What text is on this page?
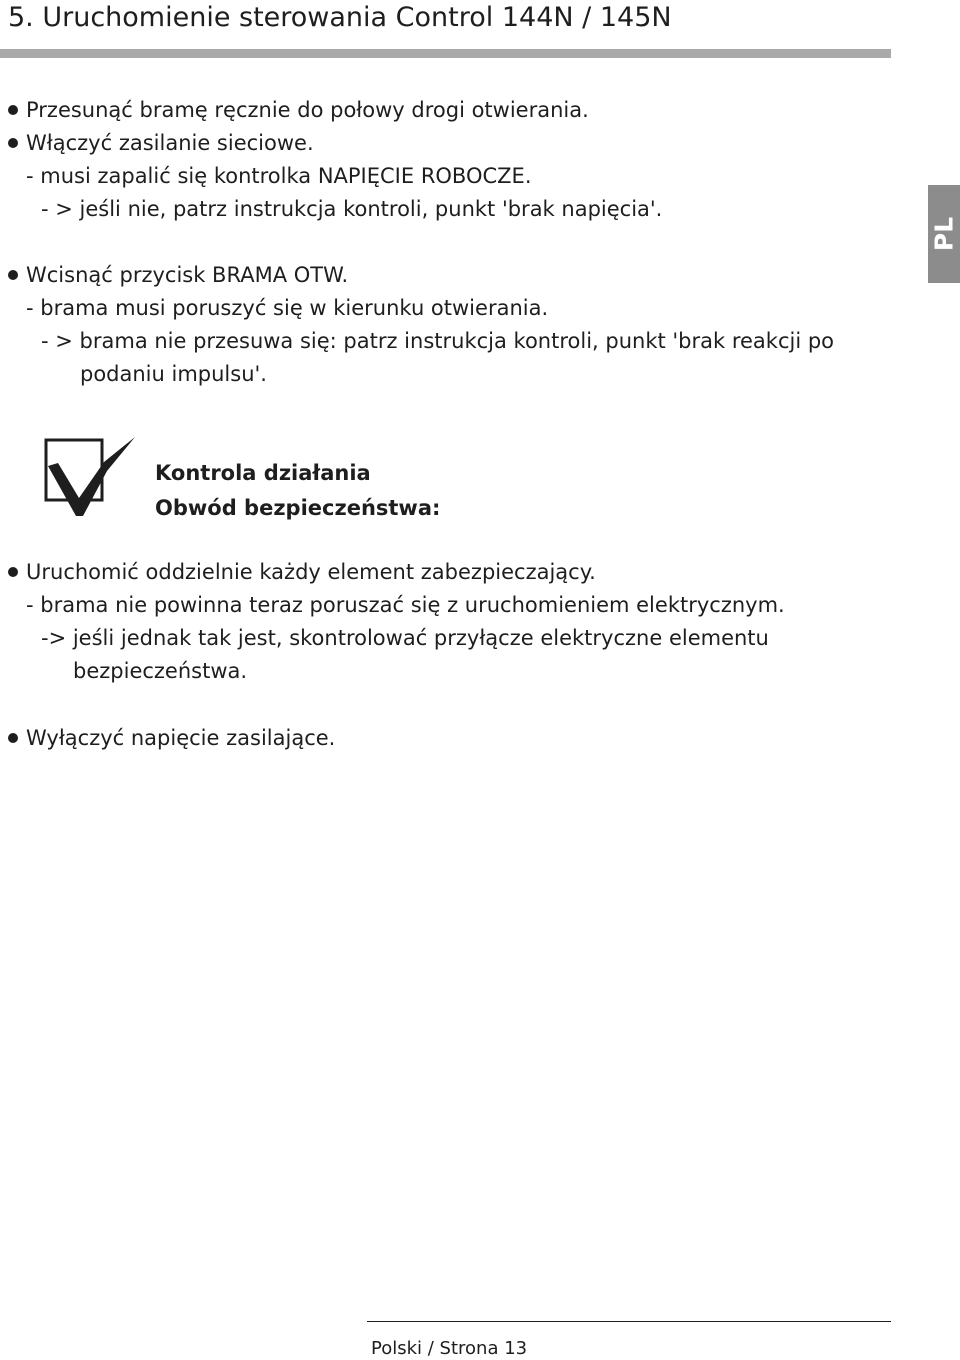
5. Uruchomienie sterowania Control 144N / 145N
PL
Przesunąć bramę ręcznie do połowy drogi otwierania.
Włączyć zasilanie sieciowe.
- musi zapalić się kontrolka NAPIĘCIE ROBOCZE.
- > jeśli nie, patrz instrukcja kontroli, punkt 'brak napięcia'.
Wcisnąć przycisk BRAMA OTW.
- brama musi poruszyć się w kierunku otwierania.
- > brama nie przesuwa się: patrz instrukcja kontroli, punkt 'brak reakcji po
podaniu impulsu'.
Kontrola działania
Obwód bezpieczeństwa:
Uruchomić oddzielnie każdy element zabezpieczający.
- brama nie powinna teraz poruszać się z uruchomieniem elektrycznym.
-> jeśli jednak tak jest, skontrolować przyłącze elektryczne elementu
bezpieczeństwa.
Wyłączyć napięcie zasilające.
Polski / Strona 13
